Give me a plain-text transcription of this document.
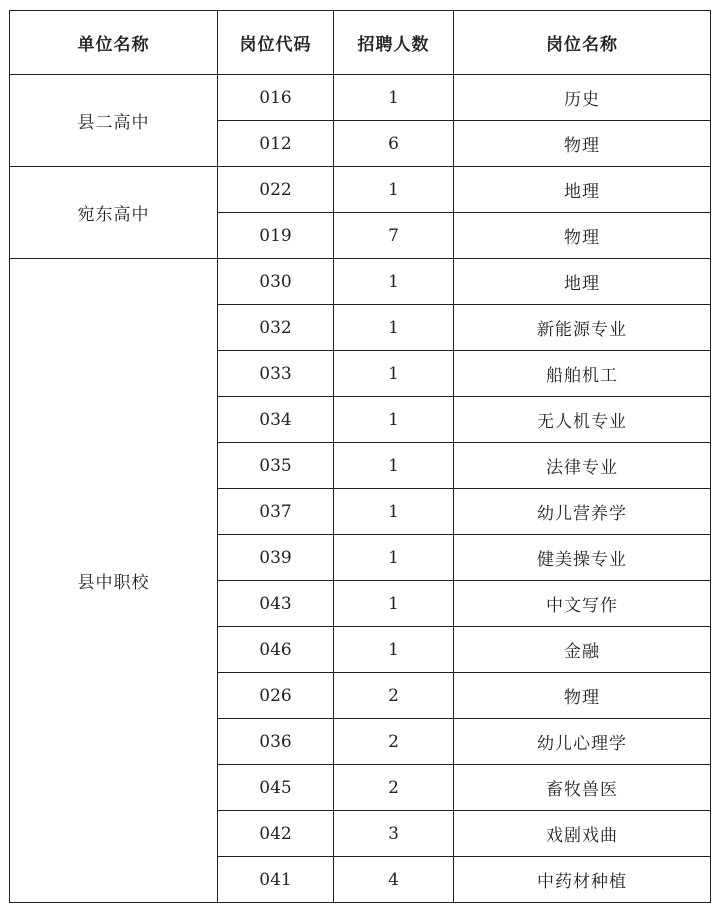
单位名称	岗位代码	招聘人数	岗位名称
县二高中	016	1	历史
	012	6	物理
宛东高中	022	1	地理
	019	7	物理
县中职校	030	1	地理
	032	1	新能源专业
	033	1	船舶机工
	034	1	无人机专业
	035	1	法律专业
	037	1	幼儿营养学
	039	1	健美操专业
	043	1	中文写作
	046	1	金融
	026	2	物理
	036	2	幼儿心理学
	045	2	畜牧兽医
	042	3	戏剧戏曲
	041	4	中药材种植
